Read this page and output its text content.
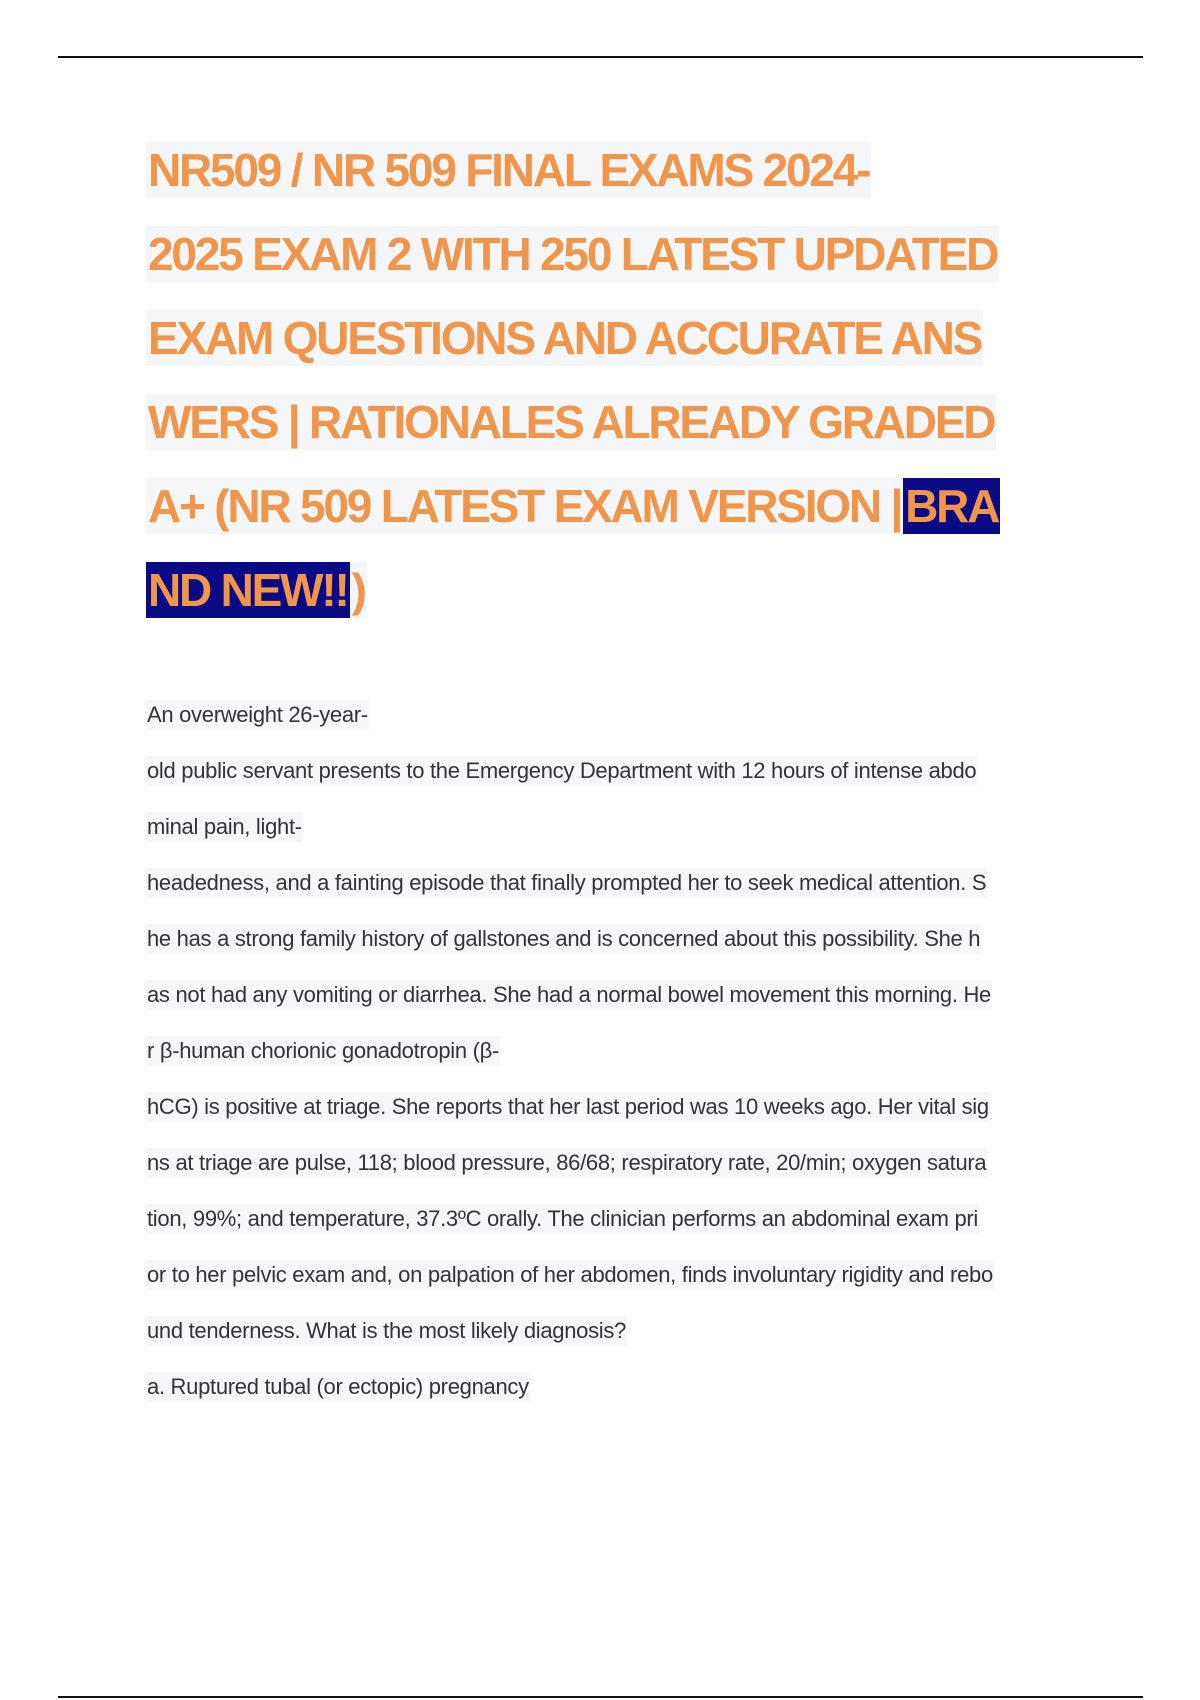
NR509 / NR 509 FINAL EXAMS 2024-
2025 EXAM 2 WITH 250 LATEST UPDATED
EXAM QUESTIONS AND ACCURATE ANS
WERS | RATIONALES ALREADY GRADED
A+ (NR 509 LATEST EXAM VERSION |BRA
ND NEW!!)
An overweight 26-year-
old public servant presents to the Emergency Department with 12 hours of intense abdo
minal pain, light-
headedness, and a fainting episode that finally prompted her to seek medical attention. S
he has a strong family history of gallstones and is concerned about this possibility. She h
as not had any vomiting or diarrhea. She had a normal bowel movement this morning. He
r β-human chorionic gonadotropin (β-
hCG) is positive at triage. She reports that her last period was 10 weeks ago. Her vital sig
ns at triage are pulse, 118; blood pressure, 86/68; respiratory rate, 20/min; oxygen satura
tion, 99%; and temperature, 37.3ºC orally. The clinician performs an abdominal exam pri
or to her pelvic exam and, on palpation of her abdomen, finds involuntary rigidity and rebo
und tenderness. What is the most likely diagnosis?
a. Ruptured tubal (or ectopic) pregnancy
